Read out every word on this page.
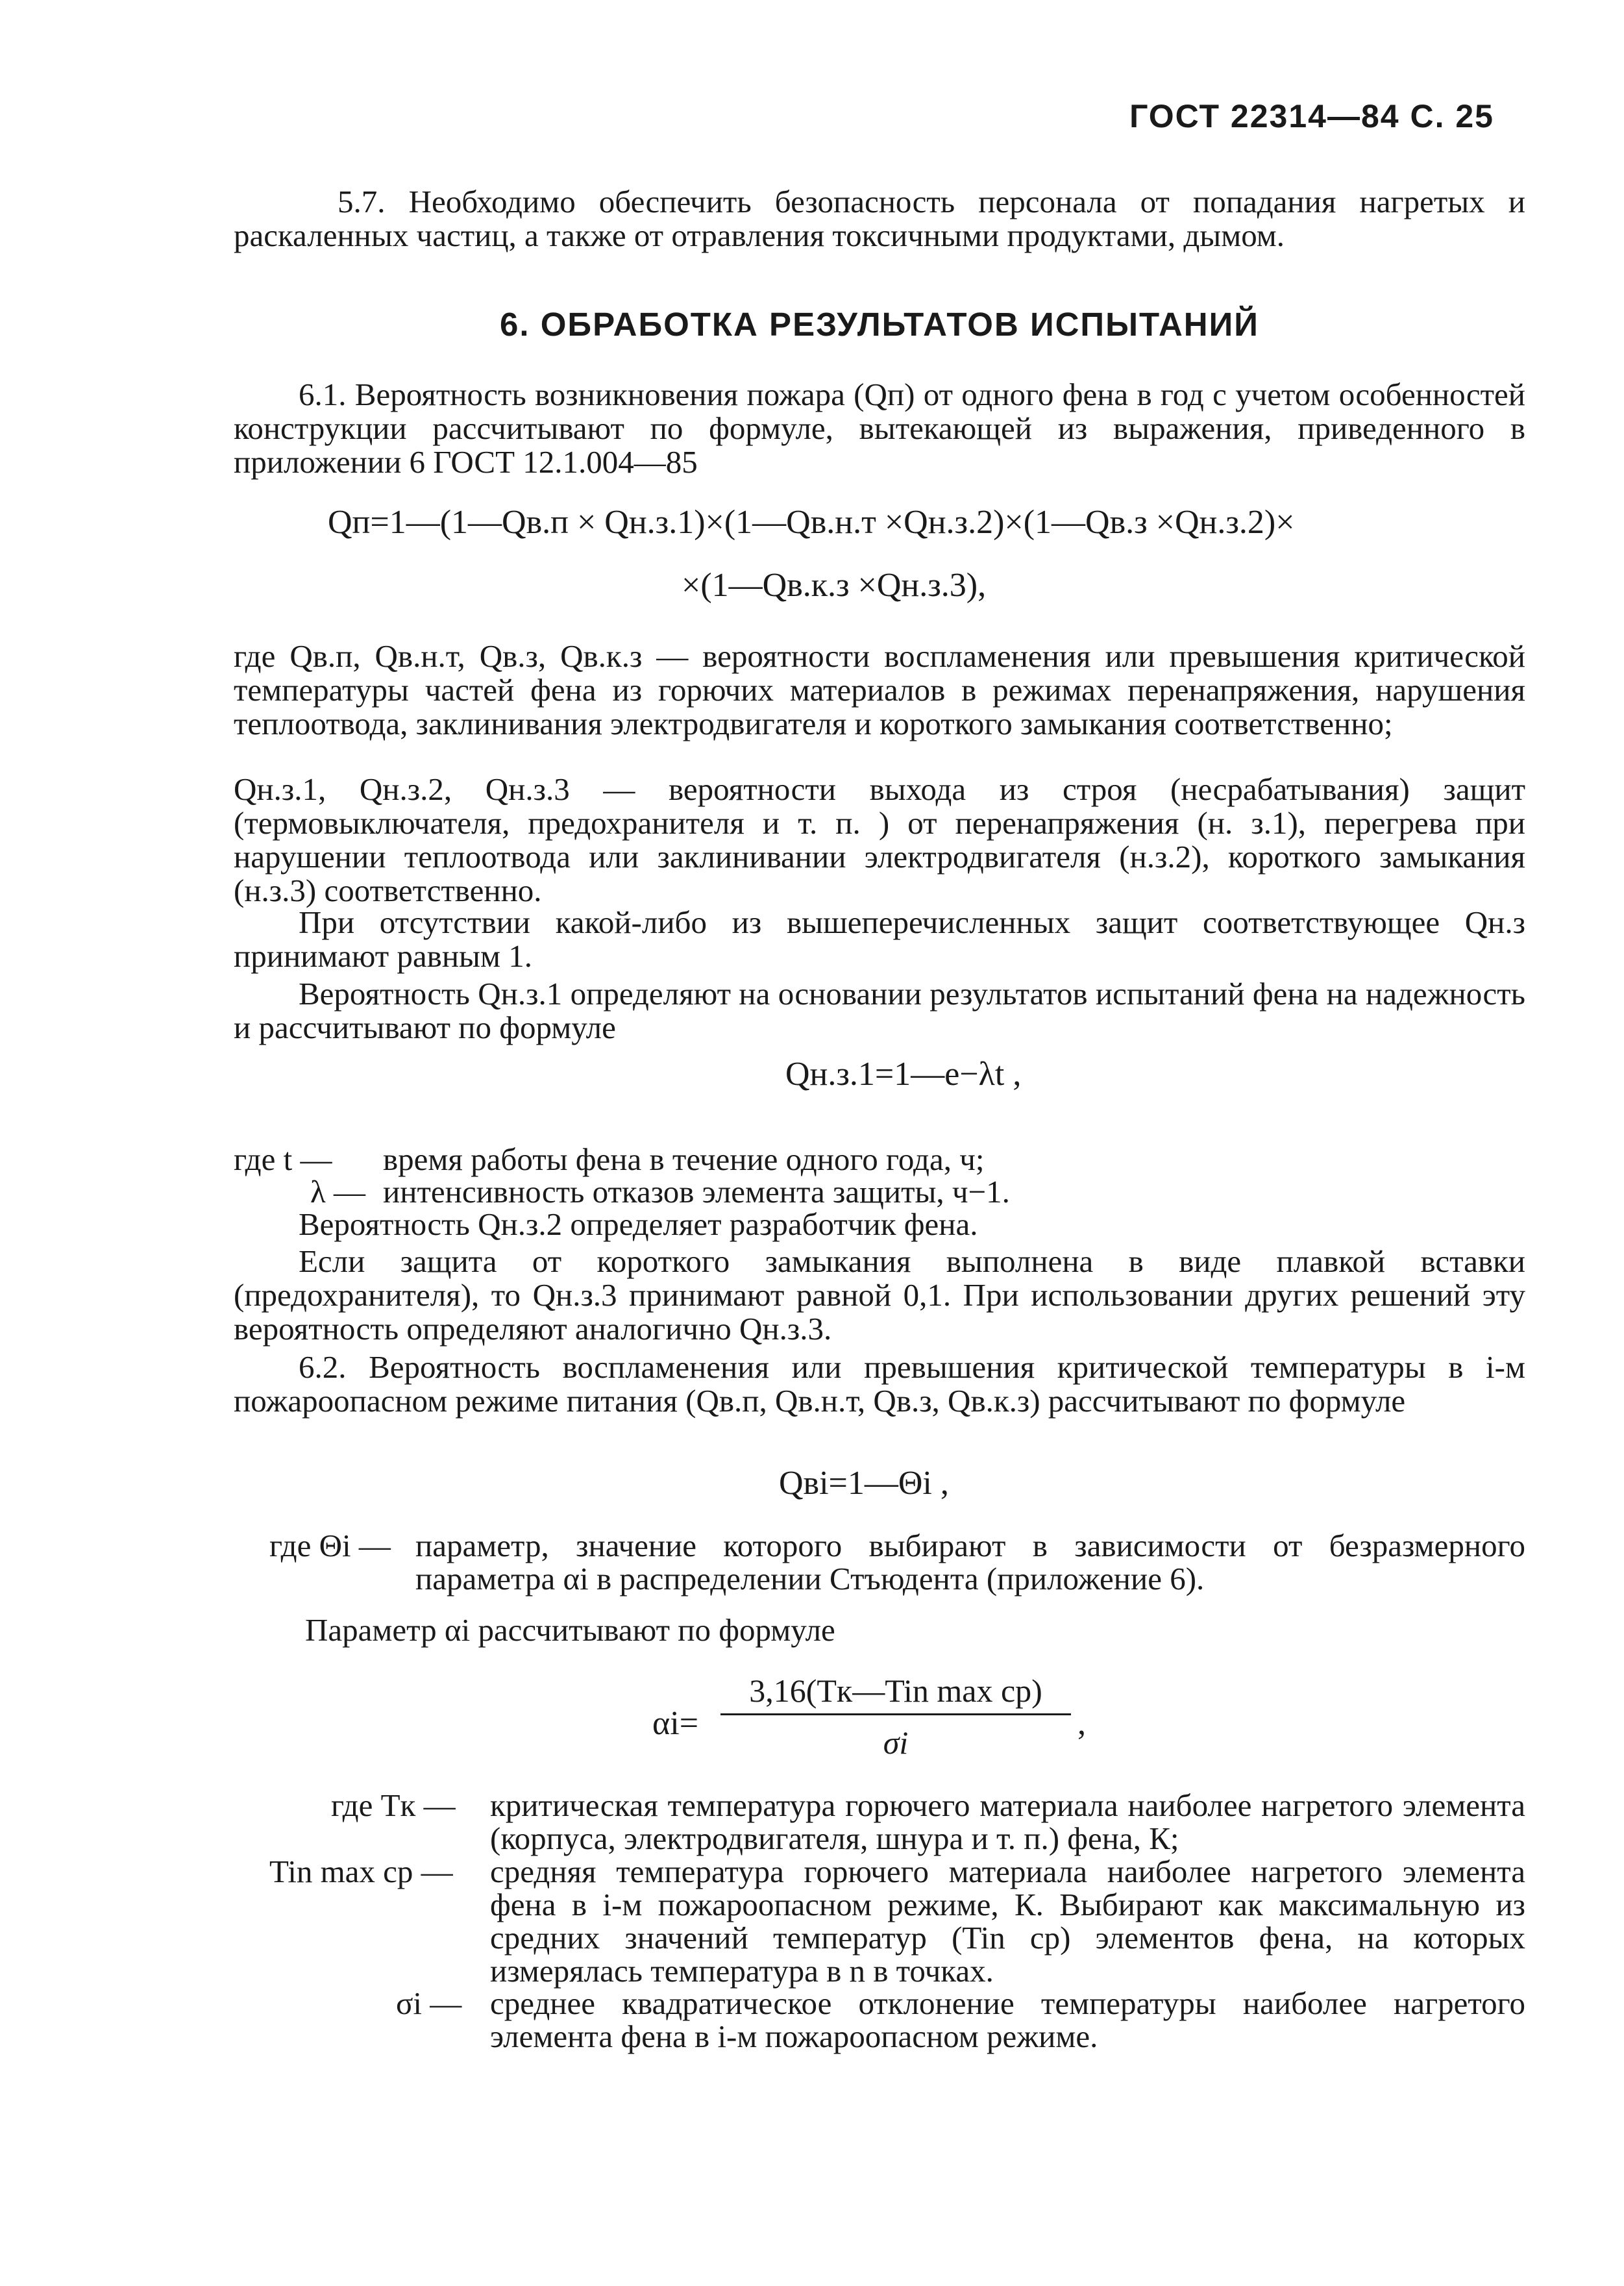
ГОСТ 22314—84 С. 25
5.7. Необходимо обеспечить безопасность персонала от попадания нагретых и раскаленных частиц, а также от отравления токсичными продуктами, дымом.
6. ОБРАБОТКА РЕЗУЛЬТАТОВ ИСПЫТАНИЙ
6.1. Вероятность возникновения пожара (Qп) от одного фена в год с учетом особенностей конструкции рассчитывают по формуле, вытекающей из выражения, приведенного в приложении 6 ГОСТ 12.1.004—85
Qп=1—(1—Qв.п × Qн.з.1)×(1—Qв.н.т ×Qн.з.2)×(1—Qв.з ×Qн.з.2)×
×(1—Qв.к.з ×Qн.з.3),
где Qв.п, Qв.н.т, Qв.з, Qв.к.з — вероятности воспламенения или превышения критической температуры частей фена из горючих материалов в режимах перенапряжения, нарушения теплоотвода, заклинивания электродвигателя и короткого замыкания соответственно;
Qн.з.1, Qн.з.2, Qн.з.3 — вероятности выхода из строя (несрабатывания) защит (термовыключателя, предохранителя и т. п. ) от перенапряжения (н. з.1), перегрева при нарушении теплоотвода или заклинивании электродвигателя (н.з.2), короткого замыкания (н.з.3) соответственно.
При отсутствии какой-либо из вышеперечисленных защит соответствующее Qн.з принимают равным 1.
Вероятность Qн.з.1 определяют на основании результатов испытаний фена на надежность и рассчитывают по формуле
Qн.з.1=1—e−λt ,
где t — время работы фена в течение одного года, ч;
λ — интенсивность отказов элемента защиты, ч−1.
Вероятность Qн.з.2 определяет разработчик фена.
Если защита от короткого замыкания выполнена в виде плавкой вставки (предохранителя), то Qн.з.3 принимают равной 0,1. При использовании других решений эту вероятность определяют аналогично Qн.з.3.
6.2. Вероятность воспламенения или превышения критической температуры в i-м пожароопасном режиме питания (Qв.п, Qв.н.т, Qв.з, Qв.к.з) рассчитывают по формуле
Qвi=1—Θi ,
где Θi — параметр, значение которого выбирают в зависимости от безразмерного параметра αi в распределении Стъюдента (приложение 6).
Параметр αi рассчитывают по формуле
αi=
3,16(Tк—Tin max ср)
σi
,
где Tк — критическая температура горючего материала наиболее нагретого элемента (корпуса, электродвигателя, шнура и т. п.) фена, К;
Tin max ср — средняя температура горючего материала наиболее нагретого элемента фена в i-м пожароопасном режиме, К. Выбирают как максимальную из средних значений температур (Tin ср) элементов фена, на которых измерялась температура в n в точках.
σi — среднее квадратическое отклонение температуры наиболее нагретого элемента фена в i-м пожароопасном режиме.
